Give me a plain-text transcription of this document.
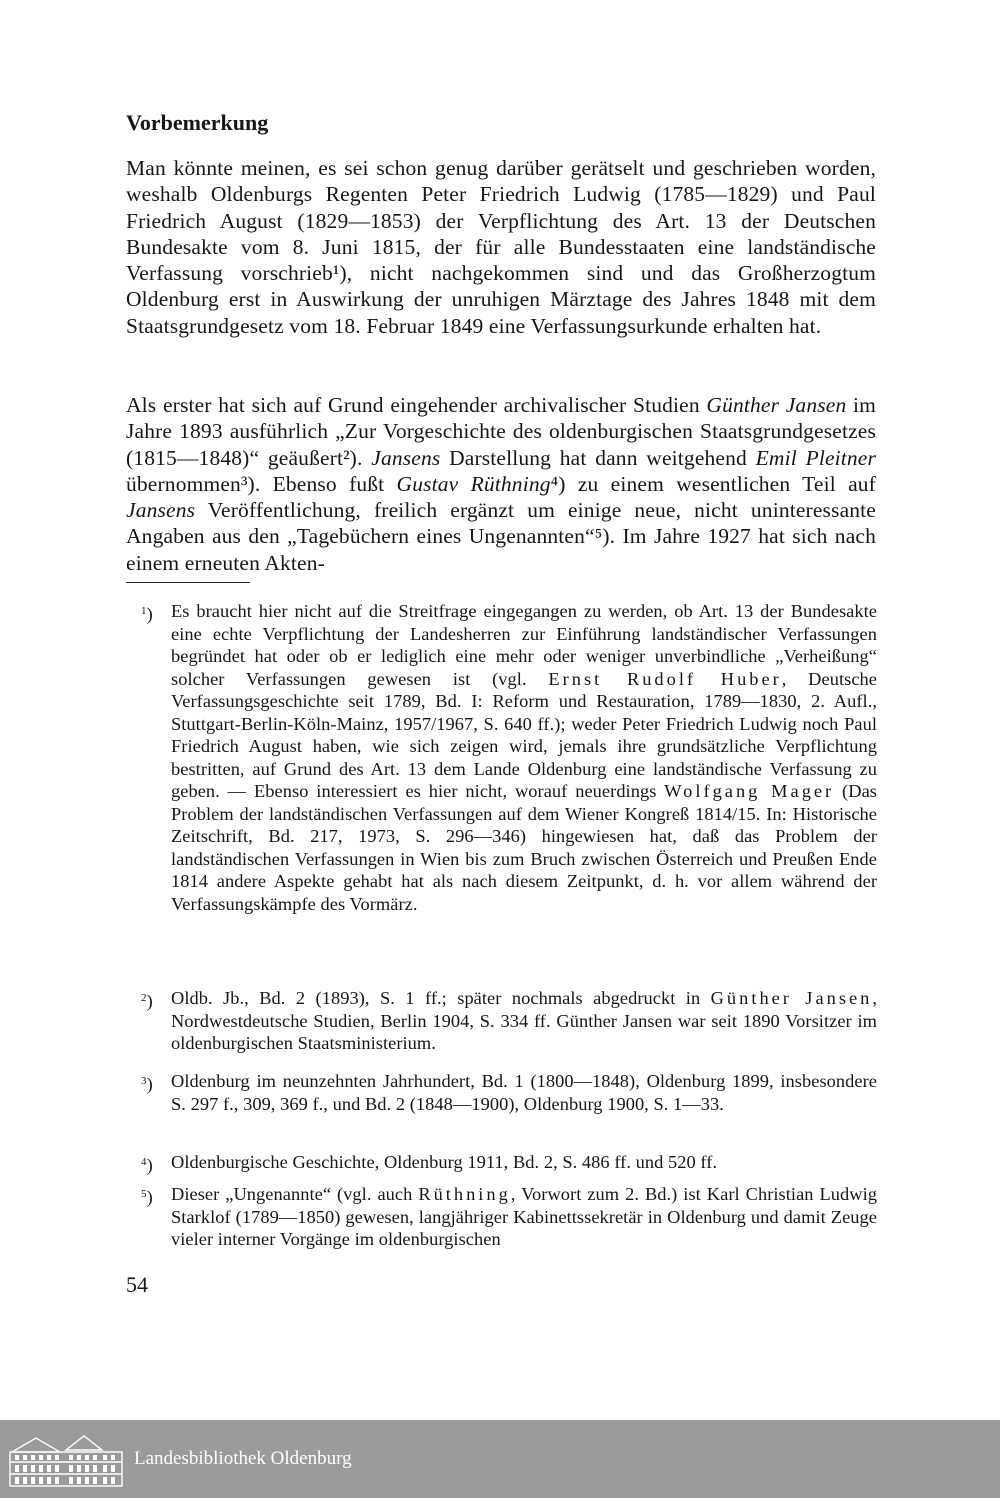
Vorbemerkung

Man könnte meinen, es sei schon genug darüber gerätselt und geschrieben worden, weshalb Oldenburgs Regenten Peter Friedrich Ludwig (1785—1829) und Paul Friedrich August (1829—1853) der Verpflichtung des Art. 13 der Deutschen Bundesakte vom 8. Juni 1815, der für alle Bundesstaaten eine landständische Verfassung vorschrieb¹), nicht nachgekommen sind und das Großherzogtum Oldenburg erst in Auswirkung der unruhigen Märztage des Jahres 1848 mit dem Staatsgrundgesetz vom 18. Februar 1849 eine Verfassungsurkunde erhalten hat.

Als erster hat sich auf Grund eingehender archivalischer Studien Günther Jansen im Jahre 1893 ausführlich „Zur Vorgeschichte des oldenburgischen Staatsgrundgesetzes (1815—1848)“ geäußert²). Jansens Darstellung hat dann weitgehend Emil Pleitner übernommen³). Ebenso fußt Gustav Rüthning⁴) zu einem wesentlichen Teil auf Jansens Veröffentlichung, freilich ergänzt um einige neue, nicht uninteressante Angaben aus den „Tagebüchern eines Ungenannten“⁵). Im Jahre 1927 hat sich nach einem erneuten Akten-

$^1$) Es braucht hier nicht auf die Streitfrage eingegangen zu werden, ob Art. 13 der Bundesakte eine echte Verpflichtung der Landesherren zur Einführung landständischer Verfassungen begründet hat oder ob er lediglich eine mehr oder weniger unverbindliche „Verheißung“ solcher Verfassungen gewesen ist (vgl. Ernst Rudolf Huber, Deutsche Verfassungsgeschichte seit 1789, Bd. I: Reform und Restauration, 1789—1830, 2. Aufl., Stuttgart-Berlin-Köln-Mainz, 1957/1967, S. 640 ff.); weder Peter Friedrich Ludwig noch Paul Friedrich August haben, wie sich zeigen wird, jemals ihre grundsätzliche Verpflichtung bestritten, auf Grund des Art. 13 dem Lande Oldenburg eine landständische Verfassung zu geben. — Ebenso interessiert es hier nicht, worauf neuerdings Wolfgang Mager (Das Problem der landständischen Verfassungen auf dem Wiener Kongreß 1814/15. In: Historische Zeitschrift, Bd. 217, 1973, S. 296—346) hingewiesen hat, daß das Problem der landständischen Verfassungen in Wien bis zum Bruch zwischen Österreich und Preußen Ende 1814 andere Aspekte gehabt hat als nach diesem Zeitpunkt, d. h. vor allem während der Verfassungskämpfe des Vormärz.
$^2$) Oldb. Jb., Bd. 2 (1893), S. 1 ff.; später nochmals abgedruckt in Günther Jansen, Nordwestdeutsche Studien, Berlin 1904, S. 334 ff. Günther Jansen war seit 1890 Vorsitzer im oldenburgischen Staatsministerium.
$^3$) Oldenburg im neunzehnten Jahrhundert, Bd. 1 (1800—1848), Oldenburg 1899, insbesondere S. 297 f., 309, 369 f., und Bd. 2 (1848—1900), Oldenburg 1900, S. 1—33.
$^4$) Oldenburgische Geschichte, Oldenburg 1911, Bd. 2, S. 486 ff. und 520 ff.
$^5$) Dieser „Ungenannte“ (vgl. auch Rüthning, Vorwort zum 2. Bd.) ist Karl Christian Ludwig Starklof (1789—1850) gewesen, langjähriger Kabinettssekretär in Oldenburg und damit Zeuge vieler interner Vorgänge im oldenburgischen
54
Landesbibliothek Oldenburg
